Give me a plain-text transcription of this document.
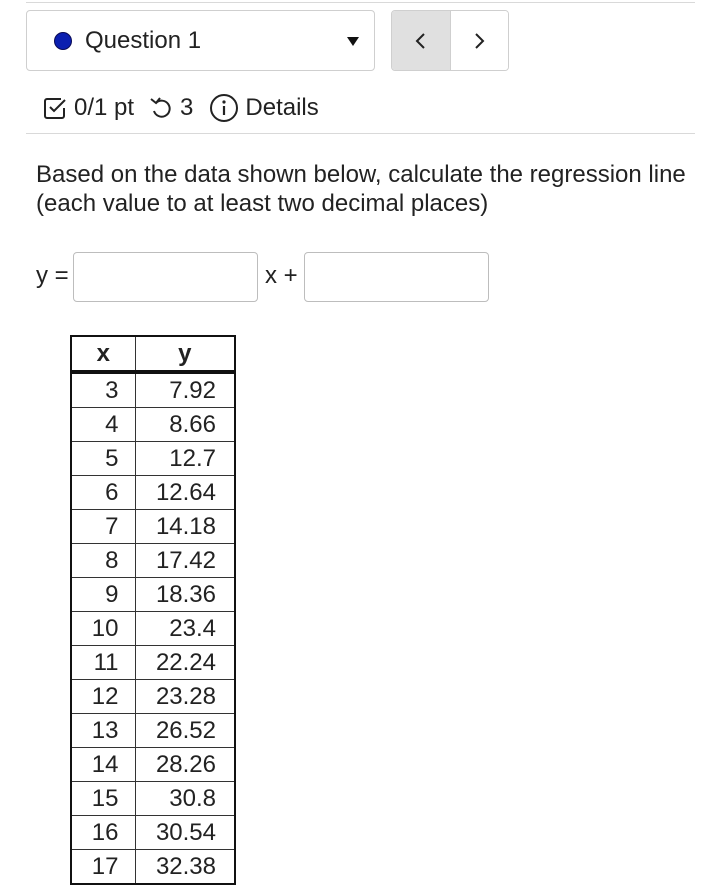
Question 1
0/1 pt 3 Details
Based on the data shown below, calculate the regression line (each value to at least two decimal places)
y =	x +
x	y
3	7.92
4	8.66
5	12.7
6	12.64
7	14.18
8	17.42
9	18.36
10	23.4
11	22.24
12	23.28
13	26.52
14	28.26
15	30.8
16	30.54
17	32.38
